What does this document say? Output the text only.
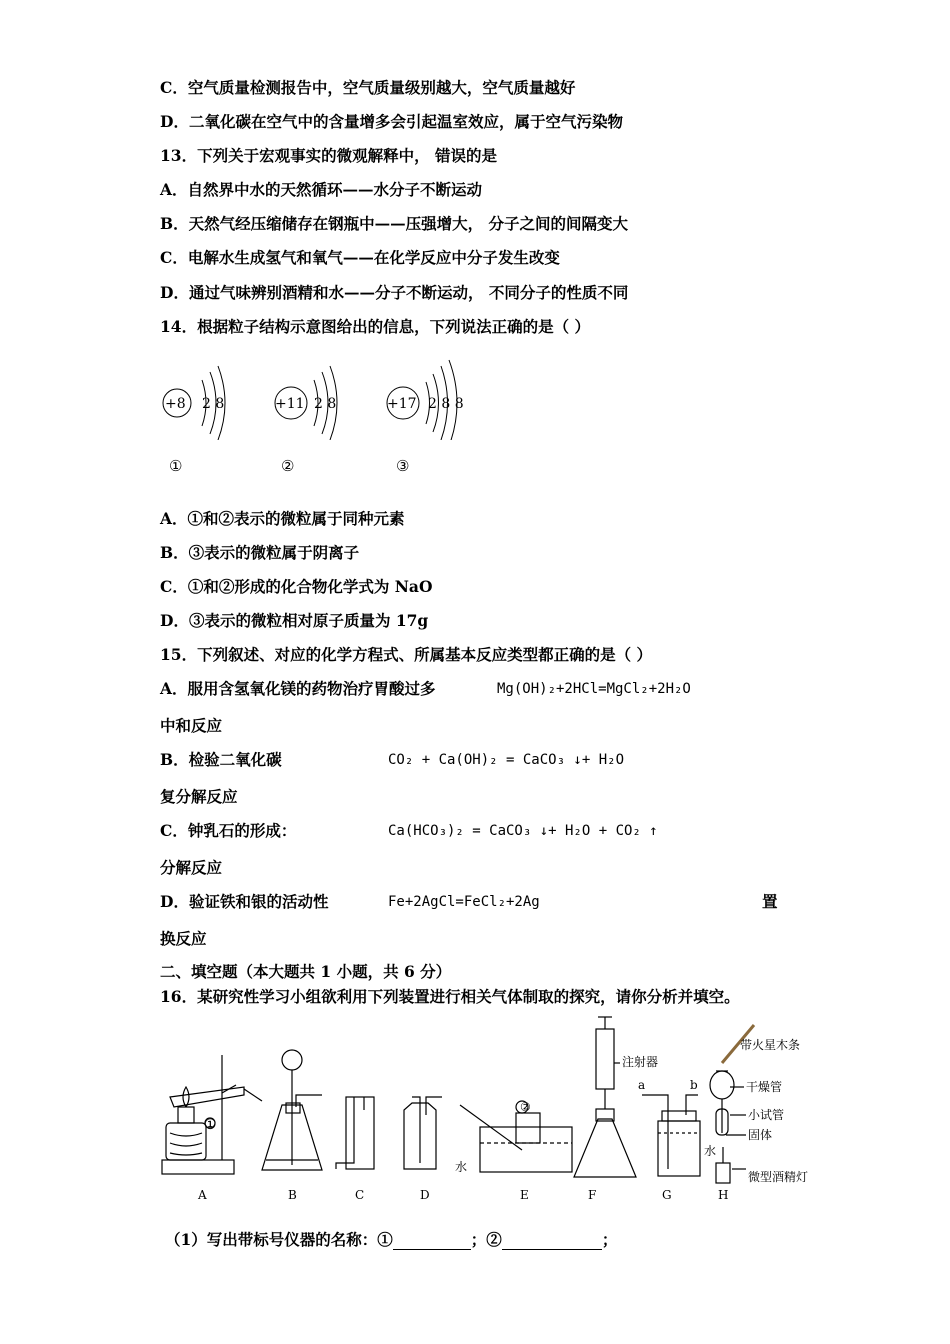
C．空气质量检测报告中，空气质量级别越大，空气质量越好
D．二氧化碳在空气中的含量增多会引起温室效应，属于空气污染物
13．下列关于宏观事实的微观解释中， 错误的是
A．自然界中水的天然循环——水分子不断运动
B．天然气经压缩储存在钢瓶中——压强增大， 分子之间的间隔变大
C．电解水生成氢气和氧气——在化学反应中分子发生改变
D．通过气味辨别酒精和水——分子不断运动， 不同分子的性质不同
14．根据粒子结构示意图给出的信息，下列说法正确的是（ ）
+8 2 8	+11 2 8	+17 2 8 8
①	②	③
A．①和②表示的微粒属于同种元素
B．③表示的微粒属于阴离子
C．①和②形成的化合物化学式为 NaO
D．③表示的微粒相对原子质量为 17g
15．下列叙述、对应的化学方程式、所属基本反应类型都正确的是（ ）
A．服用含氢氧化镁的药物治疗胃酸过多	Mg(OH)₂+2HCl=MgCl₂+2H₂O
中和反应
B．检验二氧化碳	CO₂ + Ca(OH)₂ = CaCO₃ ↓+ H₂O
复分解反应
C．钟乳石的形成：	Ca(HCO₃)₂ = CaCO₃ ↓+ H₂O + CO₂ ↑
分解反应
D．验证铁和银的活动性	Fe+2AgCl=FeCl₂+2Ag	置
换反应
二、填空题（本大题共 1 小题，共 6 分）
16．某研究性学习小组欲利用下列装置进行相关气体制取的探究，请你分析并填空。
A	B	C	D	E	F	G	H
①
②
水
注射器
a	b
水
带火星木条
干燥管
小试管
固体
微型酒精灯
（1）写出带标号仪器的名称：①	；②	；
